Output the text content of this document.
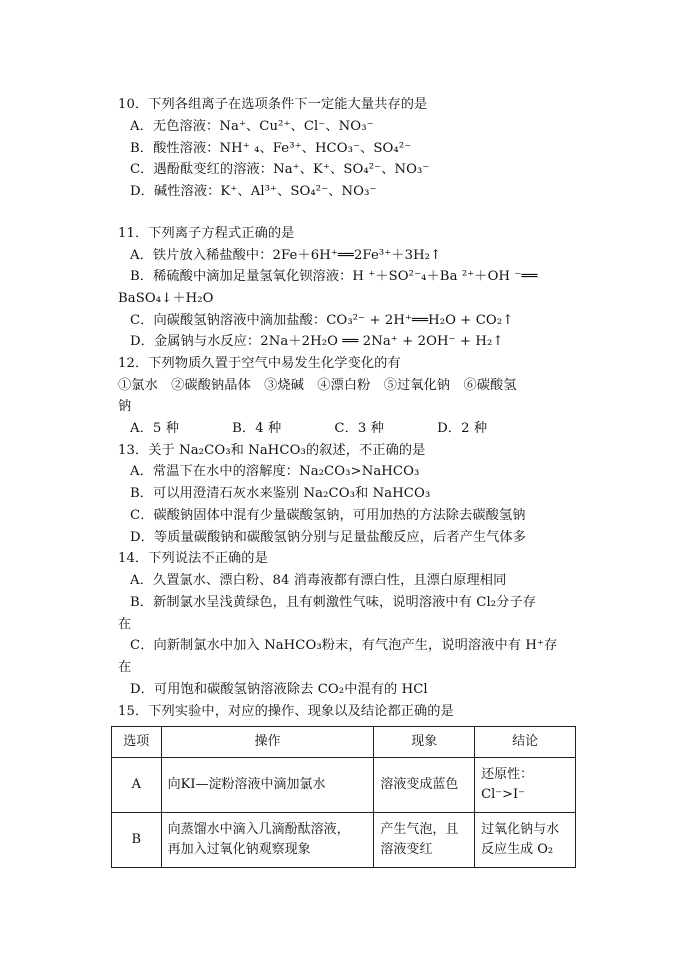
10．下列各组离子在选项条件下一定能大量共存的是
A．无色溶液：Na⁺、Cu²⁺、Cl⁻、NO₃⁻
B．酸性溶液：NH⁺ ₄、Fe³⁺、HCO₃⁻、SO₄²⁻
C．遇酚酞变红的溶液：Na⁺、K⁺、SO₄²⁻、NO₃⁻
D．碱性溶液：K⁺、Al³⁺、SO₄²⁻、NO₃⁻
11．下列离子方程式正确的是
A．铁片放入稀盐酸中：2Fe＋6H⁺══2Fe³⁺＋3H₂↑
B．稀硫酸中滴加足量氢氧化钡溶液：H ⁺＋SO²⁻₄＋Ba ²⁺＋OH ⁻══
BaSO₄↓＋H₂O
C．向碳酸氢钠溶液中滴加盐酸：CO₃²⁻ + 2H⁺══H₂O + CO₂↑
D．金属钠与水反应：2Na＋2H₂O ══ 2Na⁺ + 2OH⁻ + H₂↑
12．下列物质久置于空气中易发生化学变化的有
①氯水　②碳酸钠晶体　③烧碱　④漂白粉　⑤过氧化钠　⑥碳酸氢
钠
A．5 种　　　　B．4 种　　　　C．3 种　　　　D．2 种
13．关于 Na₂CO₃和 NaHCO₃的叙述，不正确的是
A．常温下在水中的溶解度：Na₂CO₃>NaHCO₃
B．可以用澄清石灰水来鉴别 Na₂CO₃和 NaHCO₃
C．碳酸钠固体中混有少量碳酸氢钠，可用加热的方法除去碳酸氢钠
D．等质量碳酸钠和碳酸氢钠分别与足量盐酸反应，后者产生气体多
14．下列说法不正确的是
A．久置氯水、漂白粉、84 消毒液都有漂白性，且漂白原理相同
B．新制氯水呈浅黄绿色，且有刺激性气味，说明溶液中有 Cl₂分子存
在
C．向新制氯水中加入 NaHCO₃粉末，有气泡产生，说明溶液中有 H⁺存
在
D．可用饱和碳酸氢钠溶液除去 CO₂中混有的 HCl
15．下列实验中，对应的操作、现象以及结论都正确的是
选项	操作	现象	结论
A	向KI—淀粉溶液中滴加氯水	溶液变成蓝色	还原性：
Cl⁻>I⁻

B	向蒸馏水中滴入几滴酚酞溶液，
再加入过氧化钠观察现象	产生气泡，且
溶液变红	过氧化钠与水
反应生成 O₂
